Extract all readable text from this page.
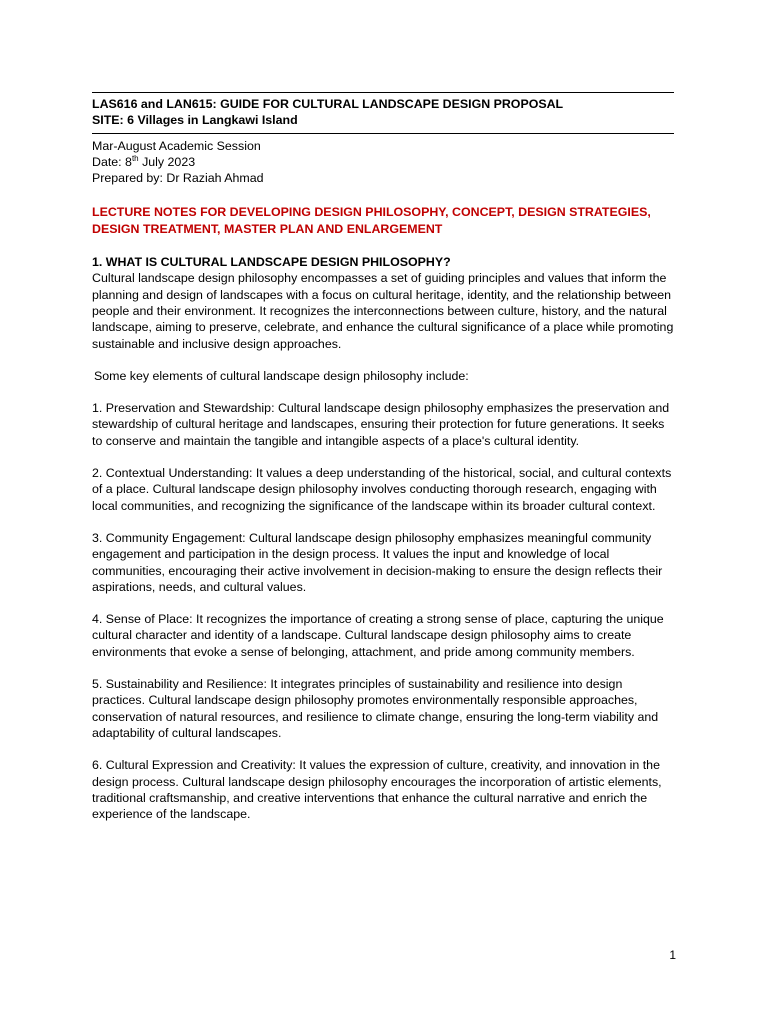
LAS616 and LAN615: GUIDE FOR CULTURAL LANDSCAPE DESIGN PROPOSAL
SITE: 6 Villages in Langkawi Island
Mar-August Academic Session
Date: 8th July 2023
Prepared by: Dr Raziah Ahmad
LECTURE NOTES FOR DEVELOPING DESIGN PHILOSOPHY, CONCEPT, DESIGN STRATEGIES, DESIGN TREATMENT, MASTER PLAN AND ENLARGEMENT
1. WHAT IS CULTURAL LANDSCAPE DESIGN PHILOSOPHY?

Cultural landscape design philosophy encompasses a set of guiding principles and values that inform the planning and design of landscapes with a focus on cultural heritage, identity, and the relationship between people and their environment. It recognizes the interconnections between culture, history, and the natural landscape, aiming to preserve, celebrate, and enhance the cultural significance of a place while promoting sustainable and inclusive design approaches.

Some key elements of cultural landscape design philosophy include:

1. Preservation and Stewardship: Cultural landscape design philosophy emphasizes the preservation and stewardship of cultural heritage and landscapes, ensuring their protection for future generations. It seeks to conserve and maintain the tangible and intangible aspects of a place's cultural identity.

2. Contextual Understanding: It values a deep understanding of the historical, social, and cultural contexts of a place. Cultural landscape design philosophy involves conducting thorough research, engaging with local communities, and recognizing the significance of the landscape within its broader cultural context.

3. Community Engagement: Cultural landscape design philosophy emphasizes meaningful community engagement and participation in the design process. It values the input and knowledge of local communities, encouraging their active involvement in decision-making to ensure the design reflects their aspirations, needs, and cultural values.

4. Sense of Place: It recognizes the importance of creating a strong sense of place, capturing the unique cultural character and identity of a landscape. Cultural landscape design philosophy aims to create environments that evoke a sense of belonging, attachment, and pride among community members.

5. Sustainability and Resilience: It integrates principles of sustainability and resilience into design practices. Cultural landscape design philosophy promotes environmentally responsible approaches, conservation of natural resources, and resilience to climate change, ensuring the long-term viability and adaptability of cultural landscapes.

6. Cultural Expression and Creativity: It values the expression of culture, creativity, and innovation in the design process. Cultural landscape design philosophy encourages the incorporation of artistic elements, traditional craftsmanship, and creative interventions that enhance the cultural narrative and enrich the experience of the landscape.

1
